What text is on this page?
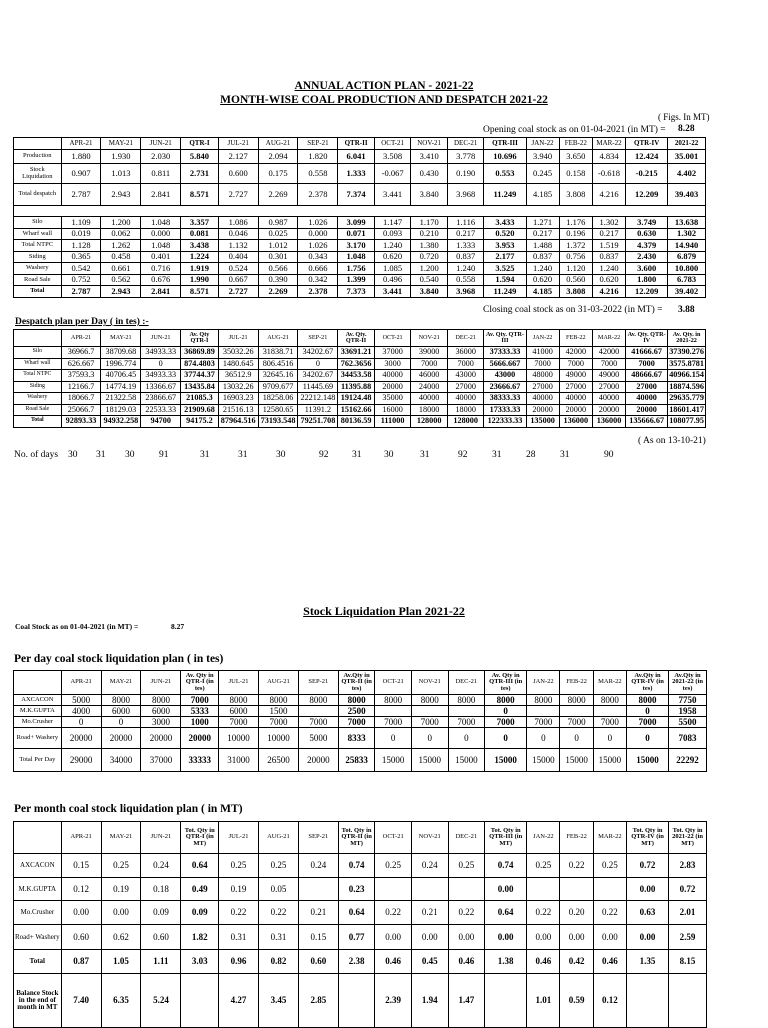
ANNUAL ACTION PLAN - 2021-22
MONTH-WISE COAL PRODUCTION AND DESPATCH 2021-22
( Figs. In MT)
Opening coal stock as on 01-04-2021 (in MT) = 8.28
	APR-21	MAY-21	JUN-21	QTR-I	JUL-21	AUG-21	SEP-21	QTR-II	OCT-21	NOV-21	DEC-21	QTR-III	JAN-22	FEB-22	MAR-22	QTR-IV	2021-22
Production	1.880	1.930	2.030	5.840	2.127	2.094	1.820	6.041	3.508	3.410	3.778	10.696	3.940	3.650	4.834	12.424	35.001
Stock Liquidation	0.907	1.013	0.811	2.731	0.600	0.175	0.558	1.333	-0.067	0.430	0.190	0.553	0.245	0.158	-0.618	-0.215	4.402
Total despatch	2.787	2.943	2.841	8.571	2.727	2.269	2.378	7.374	3.441	3.840	3.968	11.249	4.185	3.808	4.216	12.209	39.403

Silo	1.109	1.200	1.048	3.357	1.086	0.987	1.026	3.099	1.147	1.170	1.116	3.433	1.271	1.176	1.302	3.749	13.638
Wharf wall	0.019	0.062	0.000	0.081	0.046	0.025	0.000	0.071	0.093	0.210	0.217	0.520	0.217	0.196	0.217	0.630	1.302
Total NTPC	1.128	1.262	1.048	3.438	1.132	1.012	1.026	3.170	1.240	1.380	1.333	3.953	1.488	1.372	1.519	4.379	14.940
Siding	0.365	0.458	0.401	1.224	0.404	0.301	0.343	1.048	0.620	0.720	0.837	2.177	0.837	0.756	0.837	2.430	6.879
Washery	0.542	0.661	0.716	1.919	0.524	0.566	0.666	1.756	1.085	1.200	1.240	3.525	1.240	1.120	1.240	3.600	10.800
Road Sale	0.752	0.562	0.676	1.990	0.667	0.390	0.342	1.399	0.496	0.540	0.558	1.594	0.620	0.560	0.620	1.800	6.783
Total	2.787	2.943	2.841	8.571	2.727	2.269	2.378	7.373	3.441	3.840	3.968	11.249	4.185	3.808	4.216	12.209	39.402
Closing coal stock as on 31-03-2022 (in MT) = 3.88
Despatch plan per Day ( in tes) :-
	APR-21	MAY-21	JUN-21	Av. Qty QTR-I	JUL-21	AUG-21	SEP-21	Av. Qty. QTR-II	OCT-21	NOV-21	DEC-21	Av. Qty. QTR-III	JAN-22	FEB-22	MAR-22	Av. Qty. QTR-IV	Av. Qty. in 2021-22
Silo	36966.7	38709.68	34933.33	36869.89	35032.26	31838.71	34202.67	33691.21	37000	39000	36000	37333.33	41000	42000	42000	41666.67	37390.276
Wharf wall	626.667	1996.774	0	874.4803	1480.645	806.4516	0	762.3656	3000	7000	7000	5666.667	7000	7000	7000	7000	3575.8781
Total NTPC	37593.3	40706.45	34933.33	37744.37	36512.9	32645.16	34202.67	34453.58	40000	46000	43000	43000	48000	49000	49000	48666.67	40966.154
Siding	12166.7	14774.19	13366.67	13435.84	13032.26	9709.677	11445.69	11395.88	20000	24000	27000	23666.67	27000	27000	27000	27000	18874.596
Washery	18066.7	21322.58	23866.67	21085.3	16903.23	18258.06	22212.148	19124.48	35000	40000	40000	38333.33	40000	40000	40000	40000	29635.779
Road Sale	25066.7	18129.03	22533.33	21909.68	21516.13	12580.65	11391.2	15162.66	16000	18000	18000	17333.33	20000	20000	20000	20000	18601.417
Total	92893.33	94932.258	94700	94175.2	87964.516	73193.548	79251.708	80136.59	111000	128000	128000	122333.33	135000	136000	136000	135666.67	108077.95
( As on 13-10-21)
No. of days 30 31 30	91	31	31	30	92 31 30	31	92	31	28	31	90
Stock Liquidation Plan 2021-22
Coal Stock as on 01-04-2021 (in MT) =	8.27
Per day coal stock liquidation plan ( in tes)
	APR-21	MAY-21	JUN-21	Av. Qty in QTR-I (in tes)	JUL-21	AUG-21	SEP-21	Av.Qty in QTR-II (in tes)	OCT-21	NOV-21	DEC-21	Av. Qty in QTR-III (in tes)	JAN-22	FEB-22	MAR-22	Av.Qty in QTR-IV (in tes)	Av.Qty in 2021-22 (in tes)
AXCACON	5000	8000	8000	7000	8000	8000	8000	8000	8000	8000	8000	8000	8000	8000	8000	8000	7750
M.K.GUPTA	4000	6000	6000	5333	6000	1500		2500				0				0	1958
Mo.Crusher	0	0	3000	1000	7000	7000	7000	7000	7000	7000	7000	7000	7000	7000	7000	7000	5500
Road+ Washery	20000	20000	20000	20000	10000	10000	5000	8333	0	0	0	0	0	0	0	0	7083
Total Per Day	29000	34000	37000	33333	31000	26500	20000	25833	15000	15000	15000	15000	15000	15000	15000	15000	22292
Per month coal stock liquidation plan ( in MT)
	APR-21	MAY-21	JUN-21	Tot. Qty in QTR-I (in MT)	JUL-21	AUG-21	SEP-21	Tot. Qty in QTR-II (in MT)	OCT-21	NOV-21	DEC-21	Tot. Qty in QTR-III (in MT)	JAN-22	FEB-22	MAR-22	Tot. Qty in QTR-IV (in MT)	Tot. Qty in 2021-22 (in MT)
AXCACON	0.15	0.25	0.24	0.64	0.25	0.25	0.24	0.74	0.25	0.24	0.25	0.74	0.25	0.22	0.25	0.72	2.83
M.K.GUPTA	0.12	0.19	0.18	0.49	0.19	0.05		0.23				0.00				0.00	0.72
Mo.Crusher	0.00	0.00	0.09	0.09	0.22	0.22	0.21	0.64	0.22	0.21	0.22	0.64	0.22	0.20	0.22	0.63	2.01
Road+ Washery	0.60	0.62	0.60	1.82	0.31	0.31	0.15	0.77	0.00	0.00	0.00	0.00	0.00	0.00	0.00	0.00	2.59
Total	0.87	1.05	1.11	3.03	0.96	0.82	0.60	2.38	0.46	0.45	0.46	1.38	0.46	0.42	0.46	1.35	8.15
Balance Stock in the end of month in MT	7.40	6.35	5.24		4.27	3.45	2.85		2.39	1.94	1.47		1.01	0.59	0.12		
